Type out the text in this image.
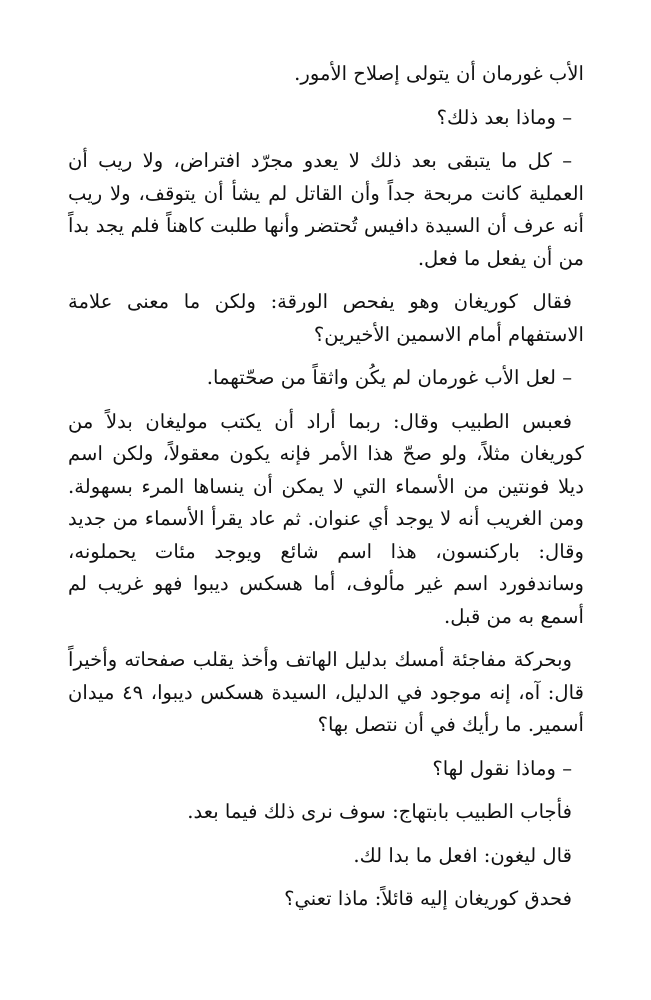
الأب غورمان أن يتولى إصلاح الأمور.

– وماذا بعد ذلك؟

– كل ما يتبقى بعد ذلك لا يعدو مجرّد افتراض، ولا ريب أن العملية كانت مربحة جداً وأن القاتل لم يشأ أن يتوقف، ولا ريب أنه عرف أن السيدة دافيس تُحتضر وأنها طلبت كاهناً فلم يجد بداً من أن يفعل ما فعل.

فقال كوريغان وهو يفحص الورقة: ولكن ما معنى علامة الاستفهام أمام الاسمين الأخيرين؟

– لعل الأب غورمان لم يكُن واثقاً من صحّتهما.

فعبس الطبيب وقال: ربما أراد أن يكتب موليغان بدلاً من كوريغان مثلاً، ولو صحّ هذا الأمر فإنه يكون معقولاً، ولكن اسم ديلا فونتين من الأسماء التي لا يمكن أن ينساها المرء بسهولة. ومن الغريب أنه لا يوجد أي عنوان. ثم عاد يقرأ الأسماء من جديد وقال: باركنسون، هذا اسم شائع ويوجد مئات يحملونه، وساندفورد اسم غير مألوف، أما هسكس ديبوا فهو غريب لم أسمع به من قبل.

وبحركة مفاجئة أمسك بدليل الهاتف وأخذ يقلب صفحاته وأخيراً قال: آه، إنه موجود في الدليل، السيدة هسكس ديبوا، ٤٩ ميدان أسمير. ما رأيك في أن نتصل بها؟

– وماذا نقول لها؟

فأجاب الطبيب بابتهاج: سوف نرى ذلك فيما بعد.

قال ليغون: افعل ما بدا لك.

فحدق كوريغان إليه قائلاً: ماذا تعني؟
